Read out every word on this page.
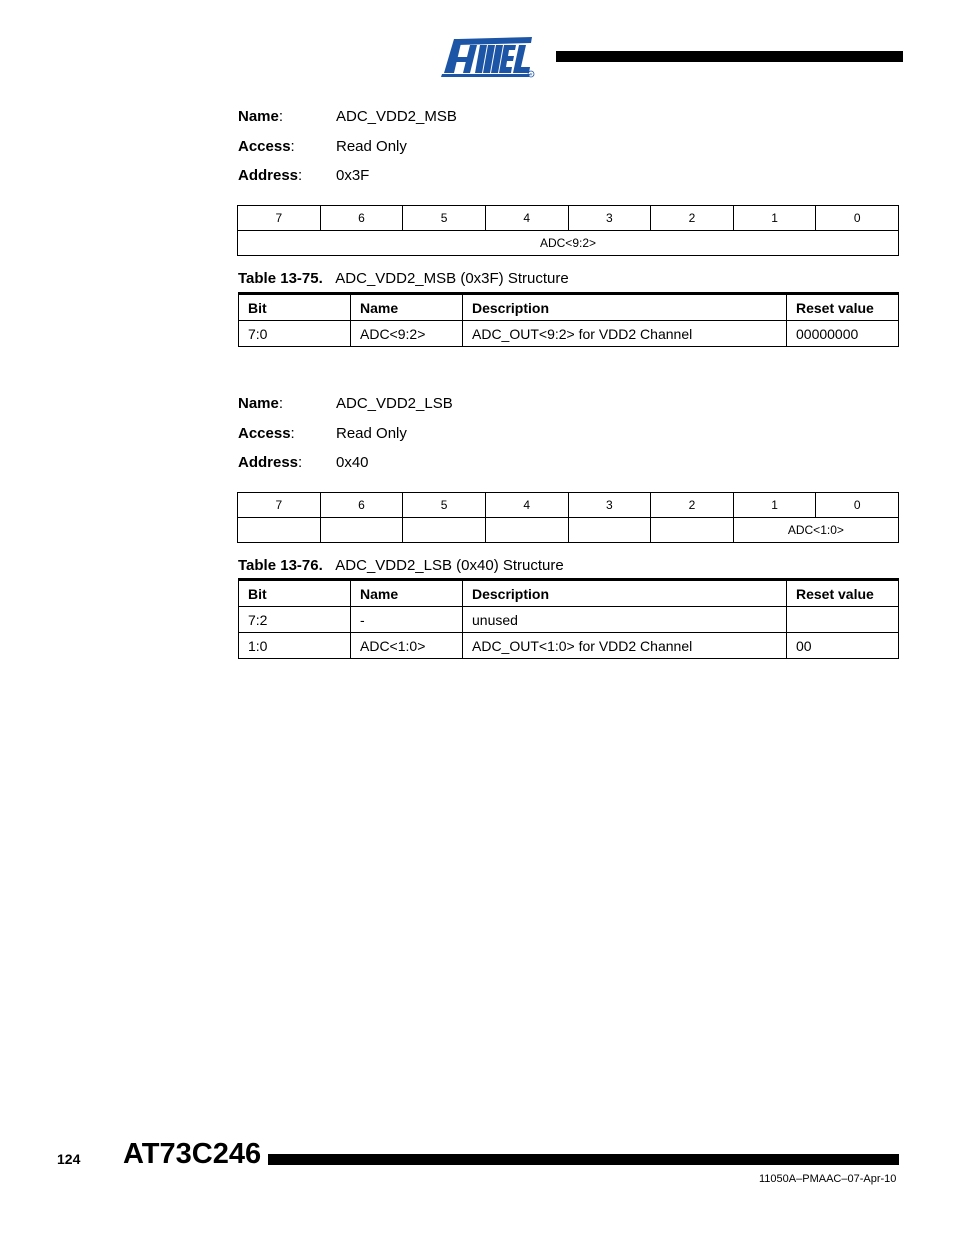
R
Name:	ADC_VDD2_MSB
Access:	Read Only
Address: 0x3F
7	6	5	4	3	2	1	0
ADC<9:2>
Table 13-75. ADC_VDD2_MSB (0x3F) Structure
Bit	Name	Description	Reset value
7:0	ADC<9:2>	ADC_OUT<9:2> for VDD2 Channel	00000000
Name:	ADC_VDD2_LSB
Access:	Read Only
Address: 0x40
7	6	5	4	3	2	1	0
						ADC<1:0>	
Table 13-76. ADC_VDD2_LSB (0x40) Structure
Bit	Name	Description	Reset value
7:2	-	unused	
1:0	ADC<1:0>	ADC_OUT<1:0> for VDD2 Channel	00
124 AT73C246
11050A–PMAAC–07-Apr-10
